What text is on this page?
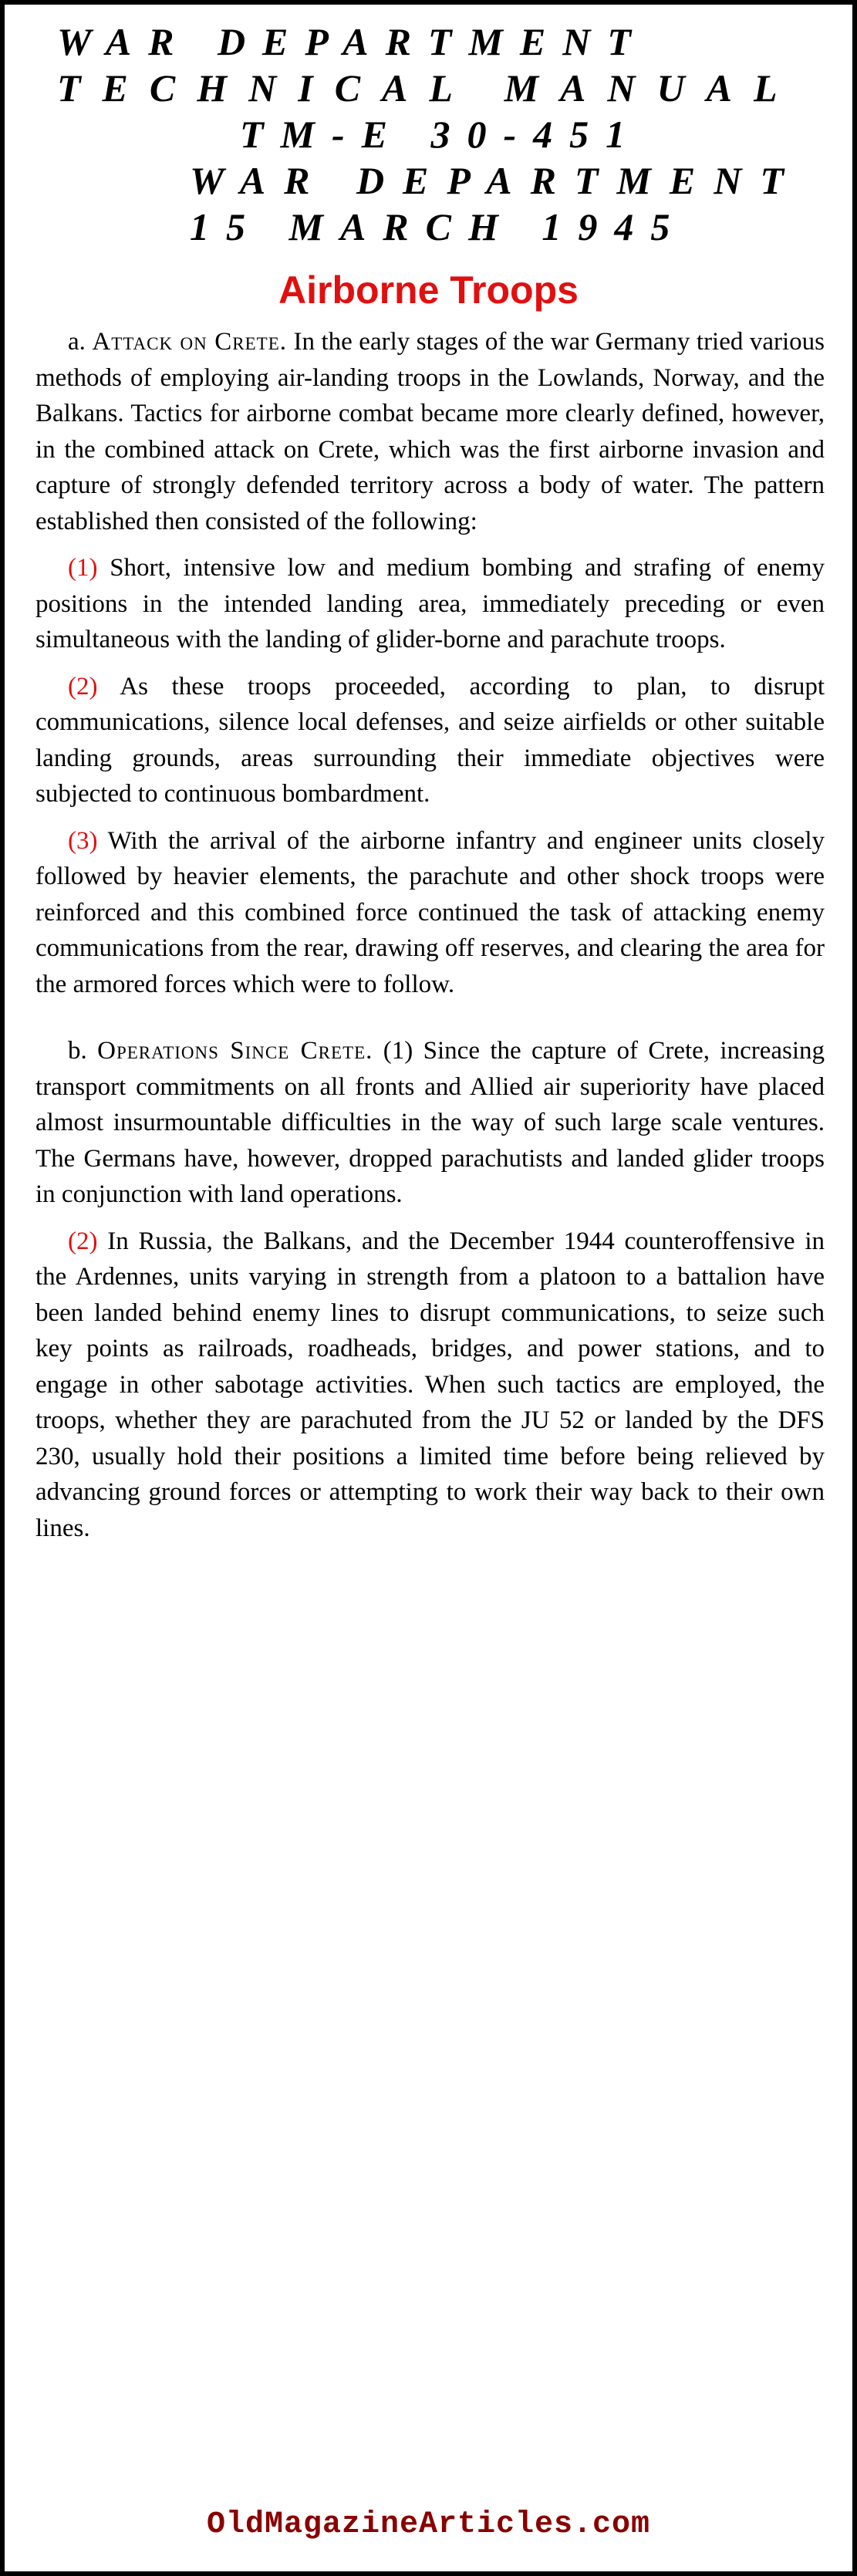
WAR DEPARTMENT
TECHNICAL MANUAL
TM-E 30-451
WAR DEPARTMENT
15 MARCH 1945
Airborne Troops

a. Attack on Crete. In the early stages of the war Germany tried various methods of employing air-landing troops in the Lowlands, Norway, and the Balkans. Tactics for airborne combat became more clearly defined, however, in the combined attack on Crete, which was the first airborne invasion and capture of strongly defended territory across a body of water. The pattern established then consisted of the following:

(1) Short, intensive low and medium bombing and strafing of enemy positions in the intended landing area, immediately preceding or even simultaneous with the landing of glider-borne and parachute troops.

(2) As these troops proceeded, according to plan, to disrupt communications, silence local defenses, and seize airfields or other suitable landing grounds, areas surrounding their immediate objectives were subjected to continuous bombardment.

(3) With the arrival of the airborne infantry and engineer units closely followed by heavier elements, the parachute and other shock troops were reinforced and this combined force continued the task of attacking enemy communications from the rear, drawing off reserves, and clearing the area for the armored forces which were to follow.

b. Operations Since Crete. (1) Since the capture of Crete, increasing transport commitments on all fronts and Allied air superiority have placed almost insurmountable difficulties in the way of such large scale ventures. The Germans have, however, dropped parachutists and landed glider troops in conjunction with land operations.

(2) In Russia, the Balkans, and the December 1944 counteroffensive in the Ardennes, units varying in strength from a platoon to a battalion have been landed behind enemy lines to disrupt communications, to seize such key points as railroads, roadheads, bridges, and power stations, and to engage in other sabotage activities. When such tactics are employed, the troops, whether they are parachuted from the JU 52 or landed by the DFS 230, usually hold their positions a limited time before being relieved by advancing ground forces or attempting to work their way back to their own lines.

OldMagazineArticles.com
